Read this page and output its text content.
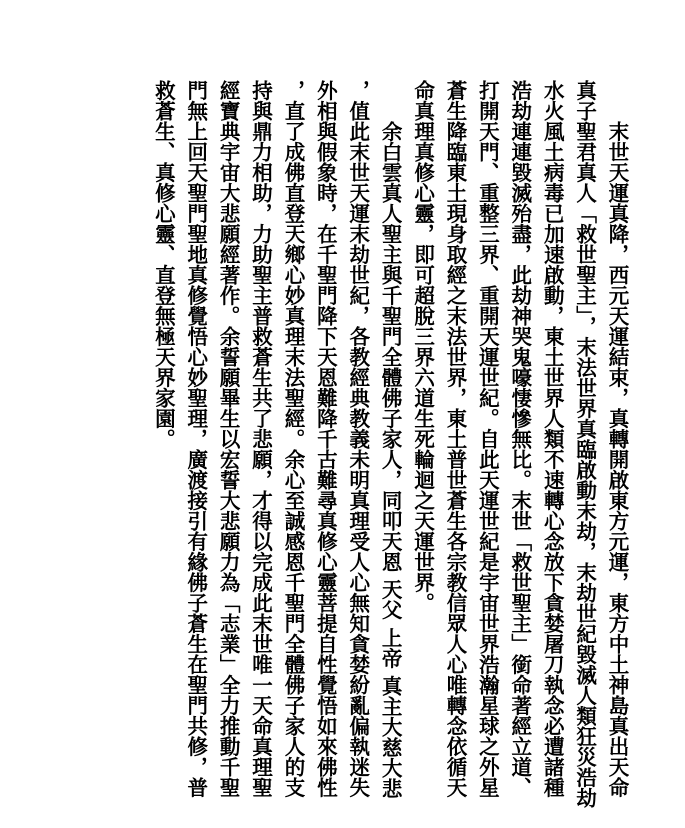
末世天運真降，西元天運結束，真轉開啟東方元運，東方中土神島真出天命真子聖君真人「救世聖主」，末法世界真臨啟動末劫，末劫世紀毀滅人類狂災浩劫水火風土病毒已加速啟動，東土世界人類不速轉心念放下貪婪屠刀執念必遭諸種浩劫連連毀滅殆盡，此劫神哭鬼嚎悽慘無比。末世「救世聖主」銜命著經立道、打開天門、重整三界、重開天運世紀。自此天運世紀是宇宙世界浩瀚星球之外星蒼生降臨東土現身取經之末法世界，東土普世蒼生各宗教信眾人心唯轉念依循天命真理真修心靈，即可超脫三界六道生死輪迴之天運世界。

余白雲真人聖主與千聖門全體佛子家人，同叩天恩 天父 上帝 真主大慈大悲，值此末世天運末劫世紀，各教經典教義未明真理受人心無知貪婪紛亂偏執迷失外相與假象時，在千聖門降下天恩難降千古難尋真修心靈菩提自性覺悟如來佛性，直了成佛直登天鄉心妙真理末法聖經。余心至誠感恩千聖門全體佛子家人的支持與鼎力相助，力助聖主普救蒼生共了悲願，才得以完成此末世唯一天命真理聖經寶典宇宙大悲願經著作。余誓願畢生以宏誓大悲願力為「志業」全力推動千聖門無上回天聖門聖地真修覺悟心妙聖理，廣渡接引有緣佛子蒼生在聖門共修，普救蒼生、真修心靈、直登無極天界家園。
